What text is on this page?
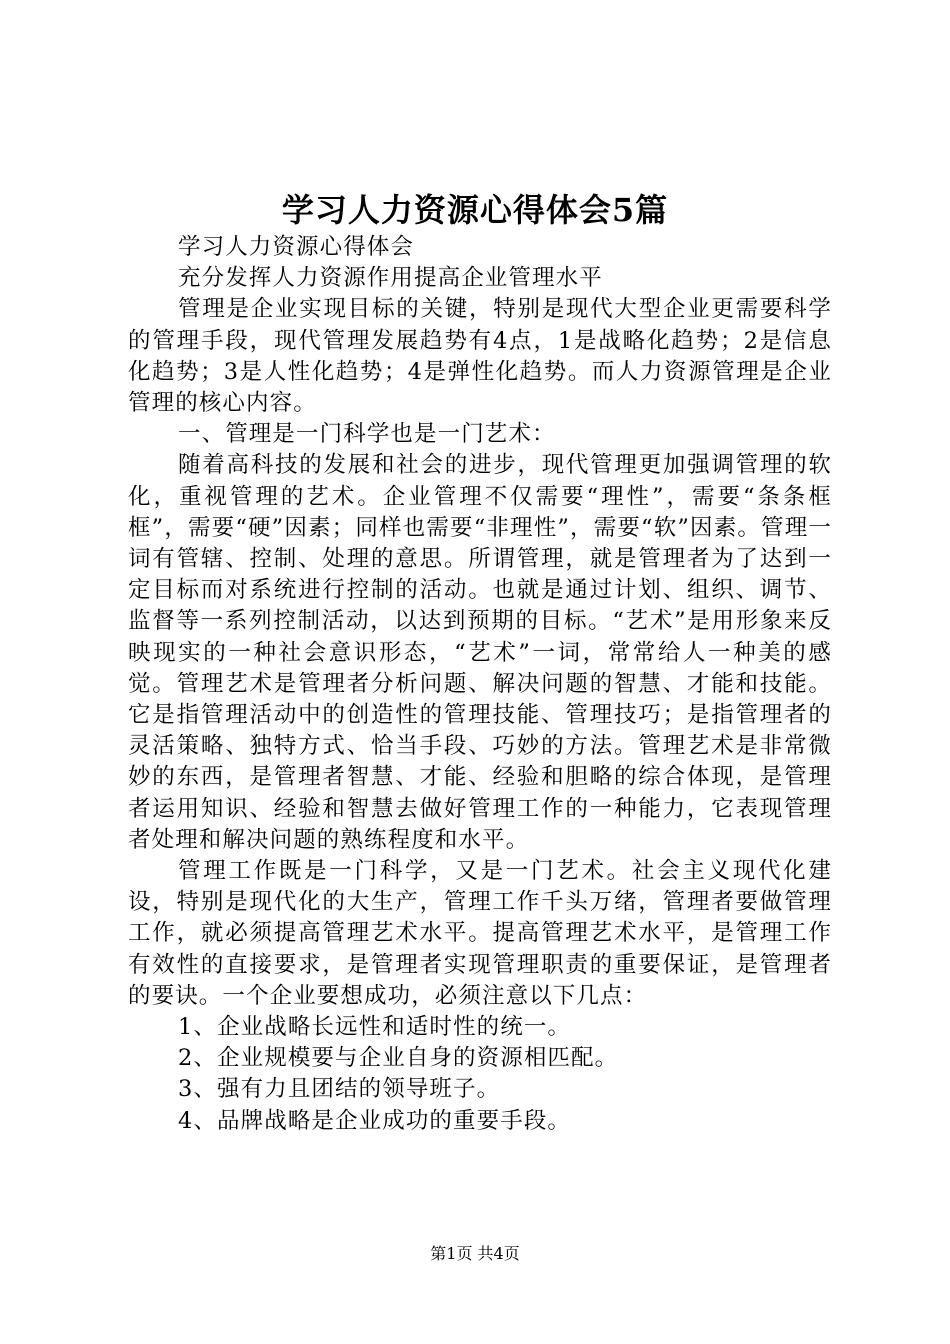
学习人力资源心得体会5篇

学习人力资源心得体会

充分发挥人力资源作用提高企业管理水平

管理是企业实现目标的关键，特别是现代大型企业更需要科学的管理手段，现代管理发展趋势有4点，1是战略化趋势；2是信息化趋势；3是人性化趋势；4是弹性化趋势。而人力资源管理是企业管理的核心内容。

一、管理是一门科学也是一门艺术：

随着高科技的发展和社会的进步，现代管理更加强调管理的软化，重视管理的艺术。企业管理不仅需要“理性”，需要“条条框框”，需要“硬”因素；同样也需要“非理性”，需要“软”因素。管理一词有管辖、控制、处理的意思。所谓管理，就是管理者为了达到一定目标而对系统进行控制的活动。也就是通过计划、组织、调节、监督等一系列控制活动，以达到预期的目标。“艺术”是用形象来反映现实的一种社会意识形态，“艺术”一词，常常给人一种美的感觉。管理艺术是管理者分析问题、解决问题的智慧、才能和技能。它是指管理活动中的创造性的管理技能、管理技巧；是指管理者的灵活策略、独特方式、恰当手段、巧妙的方法。管理艺术是非常微妙的东西，是管理者智慧、才能、经验和胆略的综合体现，是管理者运用知识、经验和智慧去做好管理工作的一种能力，它表现管理者处理和解决问题的熟练程度和水平。

管理工作既是一门科学，又是一门艺术。社会主义现代化建设，特别是现代化的大生产，管理工作千头万绪，管理者要做管理工作，就必须提高管理艺术水平。提高管理艺术水平，是管理工作有效性的直接要求，是管理者实现管理职责的重要保证，是管理者的要诀。一个企业要想成功，必须注意以下几点：

1、企业战略长远性和适时性的统一。

2、企业规模要与企业自身的资源相匹配。

3、强有力且团结的领导班子。

4、品牌战略是企业成功的重要手段。

第1页 共4页
